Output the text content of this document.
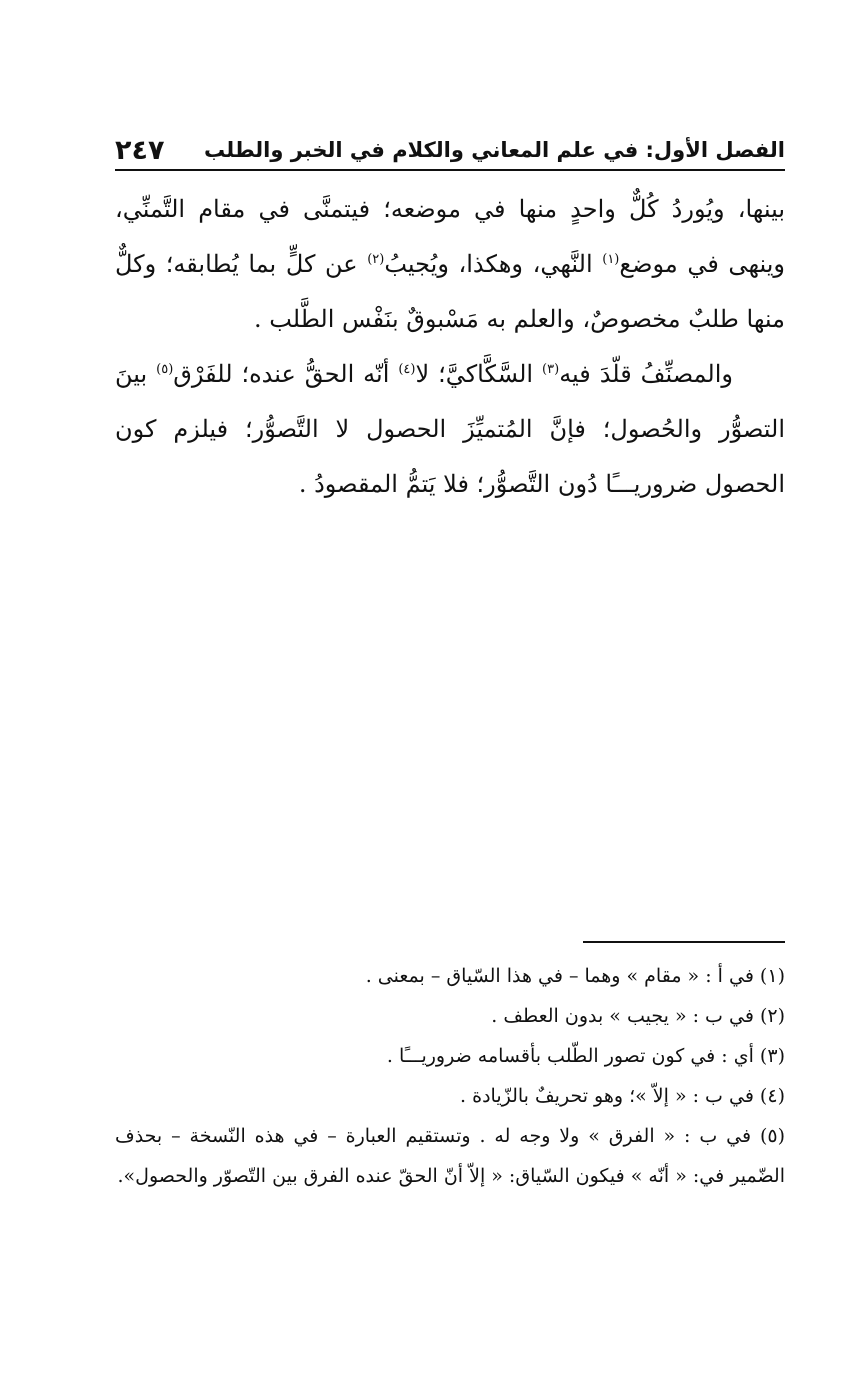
الفصل الأول: في علم المعاني والكلام في الخبر والطلب
٢٤٧

بينها، ويُوردُ كُلٌّ واحدٍ منها في موضعه؛ فيتمنَّى في مقام التَّمنِّي، وينهى في موضع$^{(١)}$ النَّهي، وهكذا، ويُجيبُ$^{(٢)}$ عن كلٍّ بما يُطابقه؛ وكلٌّ منها طلبٌ مخصوصٌ، والعلم به مَسْبوقٌ بنَفْس الطَّلب .

والمصنِّفُ قلّدَ فيه$^{(٣)}$ السَّكَّاكيَّ؛ لا$^{(٤)}$ أنّه الحقُّ عنده؛ للفَرْق$^{(٥)}$ بينَ التصوُّر والحُصول؛ فإنَّ المُتميِّزَ الحصول لا التَّصوُّر؛ فيلزم كون الحصول ضروريـــًا دُون التَّصوُّر؛ فلا يَتمُّ المقصودُ .

(١) في أ : « مقام » وهما – في هذا السّياق – بمعنى .

(٢) في ب : « يجيب » بدون العطف .

(٣) أي : في كون تصور الطّلب بأقسامه ضروريـــًا .

(٤) في ب : « إلاّ »؛ وهو تحريفٌ بالزّيادة .

(٥) في ب : « الفرق » ولا وجه له . وتستقيم العبارة – في هذه النّسخة – بحذف الضّمير في: « أنّه » فيكون السّياق: « إلاّ أنّ الحقّ عنده الفرق بين التّصوّر والحصول».
